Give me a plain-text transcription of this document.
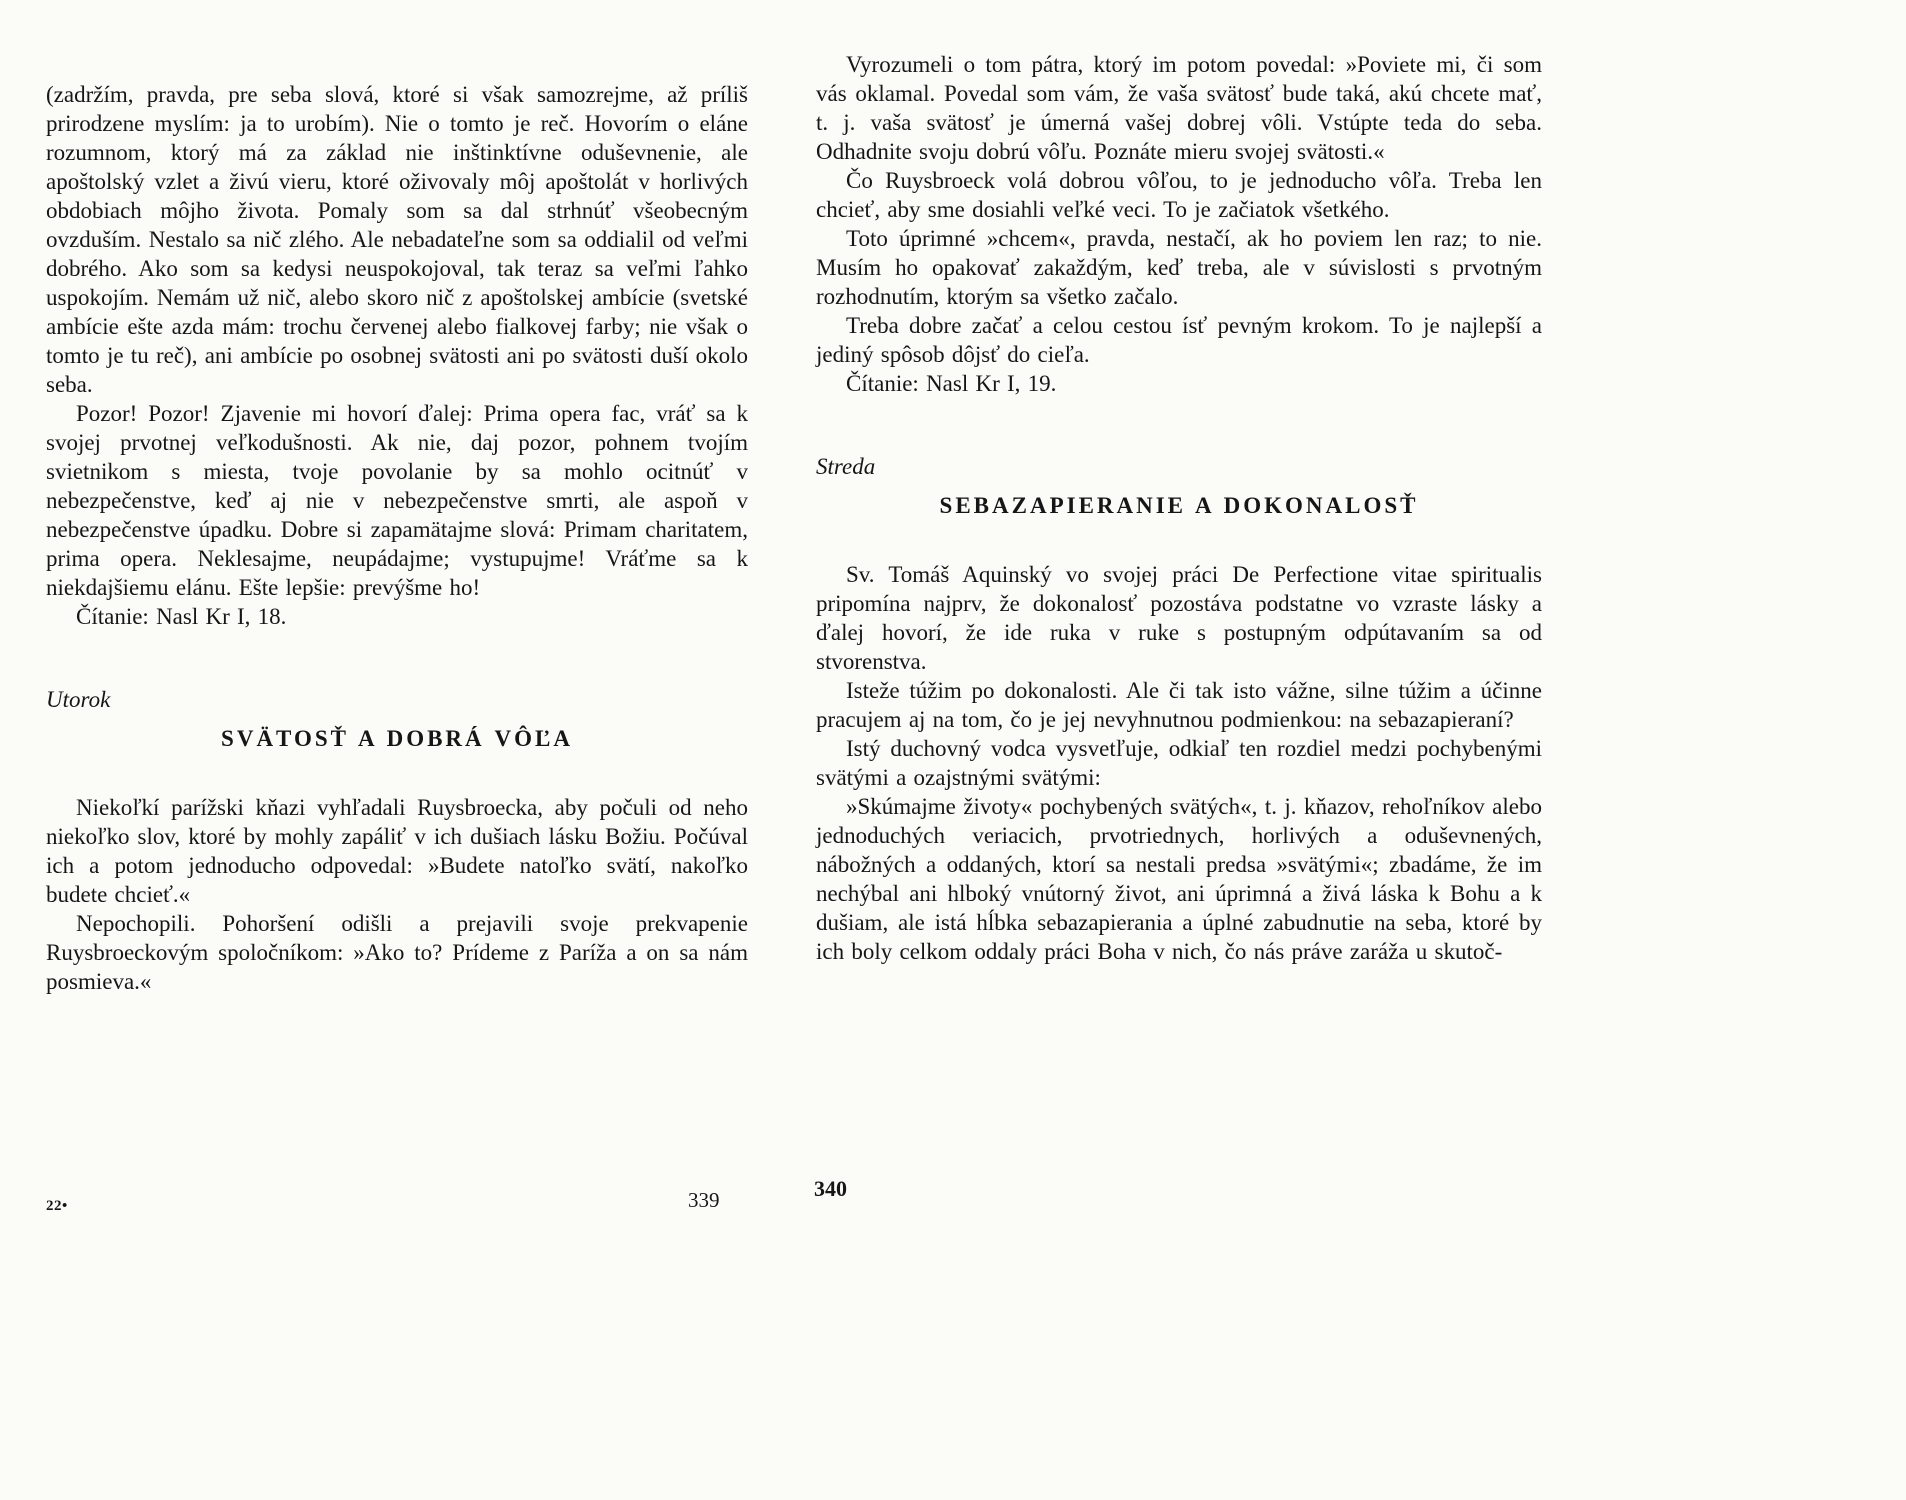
(zadržím, pravda, pre seba slová, ktoré si však samozrejme, až príliš prirodzene myslím: ja to urobím). Nie o tomto je reč. Hovorím o eláne rozumnom, ktorý má za základ nie inštinktívne oduševnenie, ale apoštolský vzlet a živú vieru, ktoré oživovaly môj apoštolát v horlivých obdobiach môjho života. Pomaly som sa dal strhnúť všeobecným ovzduším. Nestalo sa nič zlého. Ale nebadateľne som sa oddialil od veľmi dobrého. Ako som sa kedysi neuspokojoval, tak teraz sa veľmi ľahko uspokojím. Nemám už nič, alebo skoro nič z apoštolskej ambície (svetské ambície ešte azda mám: trochu červenej alebo fialkovej farby; nie však o tomto je tu reč), ani ambície po osobnej svätosti ani po svätosti duší okolo seba.

Pozor! Pozor! Zjavenie mi hovorí ďalej: Prima opera fac, vráť sa k svojej prvotnej veľkodušnosti. Ak nie, daj pozor, pohnem tvojím svietnikom s miesta, tvoje povolanie by sa mohlo ocitnúť v nebezpečenstve, keď aj nie v nebezpečenstve smrti, ale aspoň v nebezpečenstve úpadku. Dobre si zapamätajme slová: Primam charitatem, prima opera. Neklesajme, neupádajme; vystupujme! Vráťme sa k niekdajšiemu elánu. Ešte lepšie: prevýšme ho!

Čítanie: Nasl Kr I, 18.

Utorok

SVÄTOSŤ A DOBRÁ VÔĽA

Niekoľkí parížski kňazi vyhľadali Ruysbroecka, aby počuli od neho niekoľko slov, ktoré by mohly zapáliť v ich dušiach lásku Božiu. Počúval ich a potom jednoducho odpovedal: »Budete natoľko svätí, nakoľko budete chcieť.«

Nepochopili. Pohoršení odišli a prejavili svoje prekvapenie Ruysbroeckovým spoločníkom: »Ako to? Prídeme z Paríža a on sa nám posmieva.«

Vyrozumeli o tom pátra, ktorý im potom povedal: »Poviete mi, či som vás oklamal. Povedal som vám, že vaša svätosť bude taká, akú chcete mať, t. j. vaša svätosť je úmerná vašej dobrej vôli. Vstúpte teda do seba. Odhadnite svoju dobrú vôľu. Poznáte mieru svojej svätosti.«

Čo Ruysbroeck volá dobrou vôľou, to je jednoducho vôľa. Treba len chcieť, aby sme dosiahli veľké veci. To je začiatok všetkého.

Toto úprimné »chcem«, pravda, nestačí, ak ho poviem len raz; to nie. Musím ho opakovať zakaždým, keď treba, ale v súvislosti s prvotným rozhodnutím, ktorým sa všetko začalo.

Treba dobre začať a celou cestou ísť pevným krokom. To je najlepší a jediný spôsob dôjsť do cieľa.

Čítanie: Nasl Kr I, 19.

Streda

SEBAZAPIERANIE A DOKONALOSŤ

Sv. Tomáš Aquinský vo svojej práci De Perfectione vitae spiritualis pripomína najprv, že dokonalosť pozostáva podstatne vo vzraste lásky a ďalej hovorí, že ide ruka v ruke s postupným odpútavaním sa od stvorenstva.

Isteže túžim po dokonalosti. Ale či tak isto vážne, silne túžim a účinne pracujem aj na tom, čo je jej nevyhnutnou podmienkou: na sebazapieraní?

Istý duchovný vodca vysvetľuje, odkiaľ ten rozdiel medzi pochybenými svätými a ozajstnými svätými:

»Skúmajme životy« pochybených svätých«, t. j. kňazov, rehoľníkov alebo jednoduchých veriacich, prvotriednych, horlivých a oduševnených, nábožných a oddaných, ktorí sa nestali predsa »svätými«; zbadáme, že im nechýbal ani hlboký vnútorný život, ani úprimná a živá láska k Bohu a k dušiam, ale istá hĺbka sebazapierania a úplné zabudnutie na seba, ktoré by ich boly celkom oddaly práci Boha v nich, čo nás práve zaráža u skutoč-

22•	339	340
